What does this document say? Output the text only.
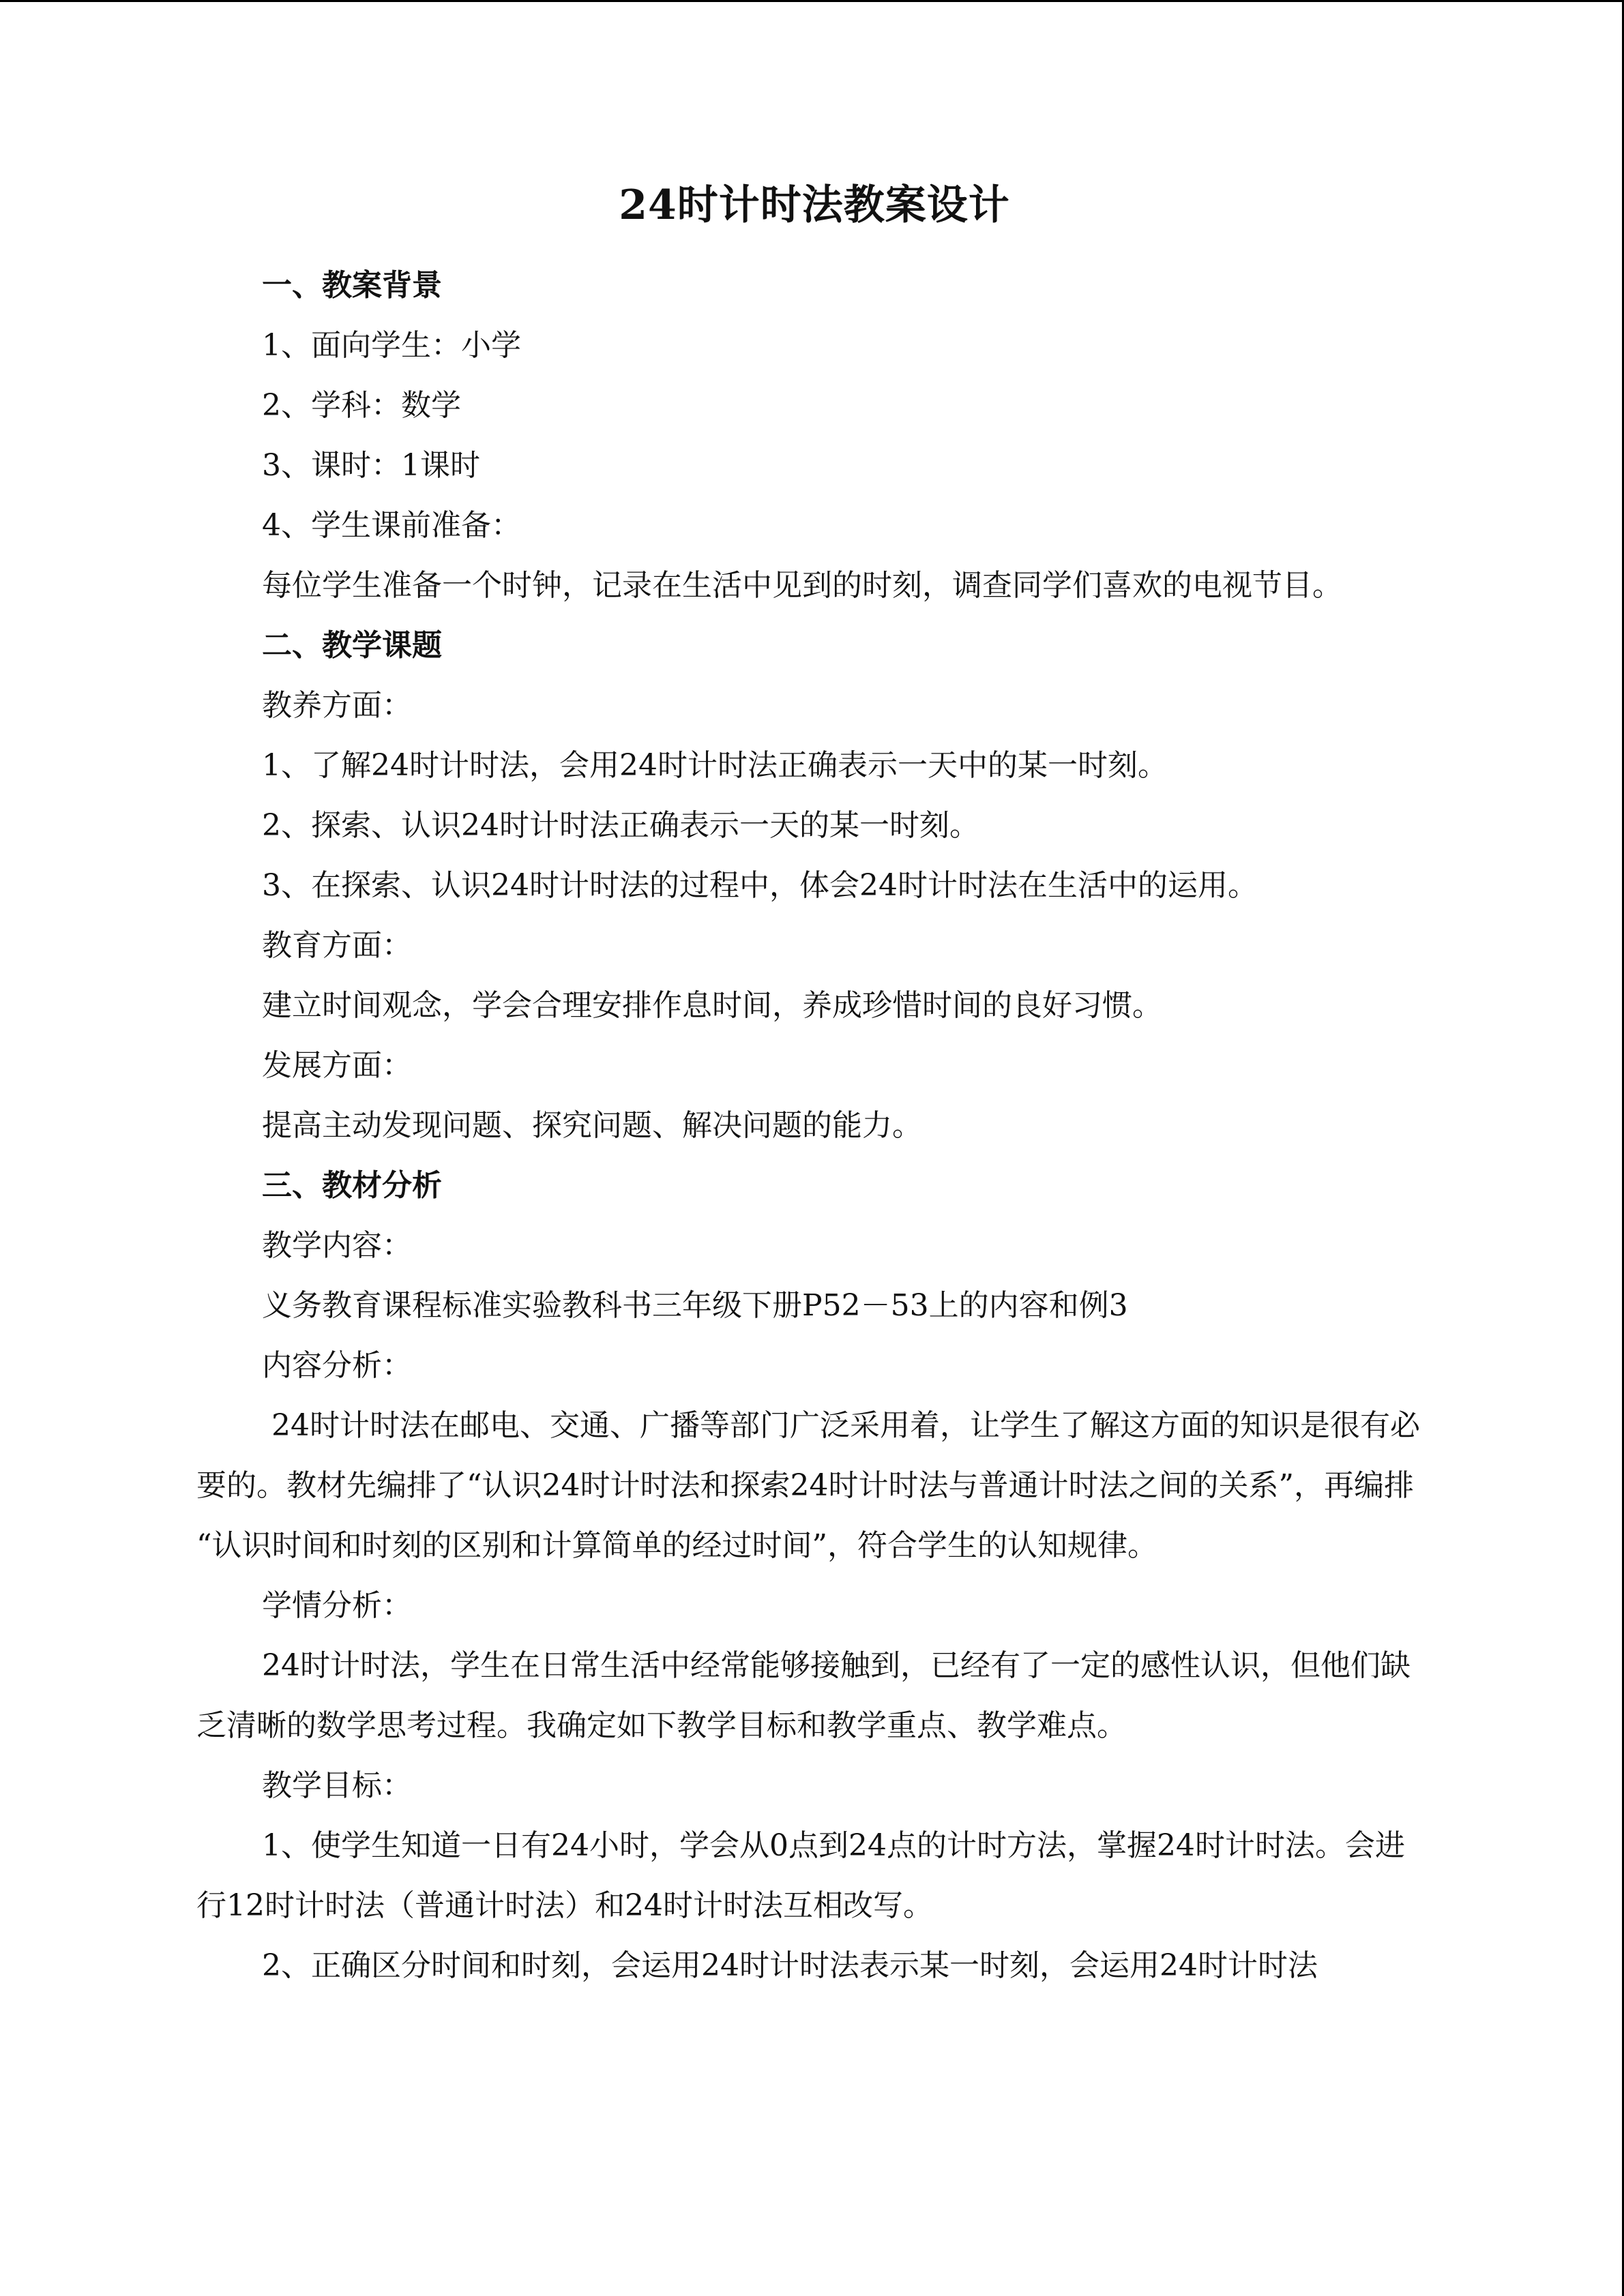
24时计时法教案设计

一、教案背景

1、面向学生：小学

2、学科：数学

3、课时：1课时

4、学生课前准备：

每位学生准备一个时钟，记录在生活中见到的时刻，调查同学们喜欢的电视节目。

二、教学课题

教养方面：

1、了解24时计时法，会用24时计时法正确表示一天中的某一时刻。

2、探索、认识24时计时法正确表示一天的某一时刻。

3、在探索、认识24时计时法的过程中，体会24时计时法在生活中的运用。

教育方面：

建立时间观念，学会合理安排作息时间，养成珍惜时间的良好习惯。

发展方面：

提高主动发现问题、探究问题、解决问题的能力。

三、教材分析

教学内容：

义务教育课程标准实验教科书三年级下册P52－53上的内容和例3

内容分析：

24时计时法在邮电、交通、广播等部门广泛采用着，让学生了解这方面的知识是很有必要的。教材先编排了“认识24时计时法和探索24时计时法与普通计时法之间的关系”，再编排 “认识时间和时刻的区别和计算简单的经过时间”，符合学生的认知规律。

学情分析：

24时计时法，学生在日常生活中经常能够接触到，已经有了一定的感性认识，但他们缺乏清晰的数学思考过程。我确定如下教学目标和教学重点、教学难点。

教学目标：

1、使学生知道一日有24小时，学会从0点到24点的计时方法，掌握24时计时法。会进行12时计时法（普通计时法）和24时计时法互相改写。

2、正确区分时间和时刻，会运用24时计时法表示某一时刻，会运用24时计时法
